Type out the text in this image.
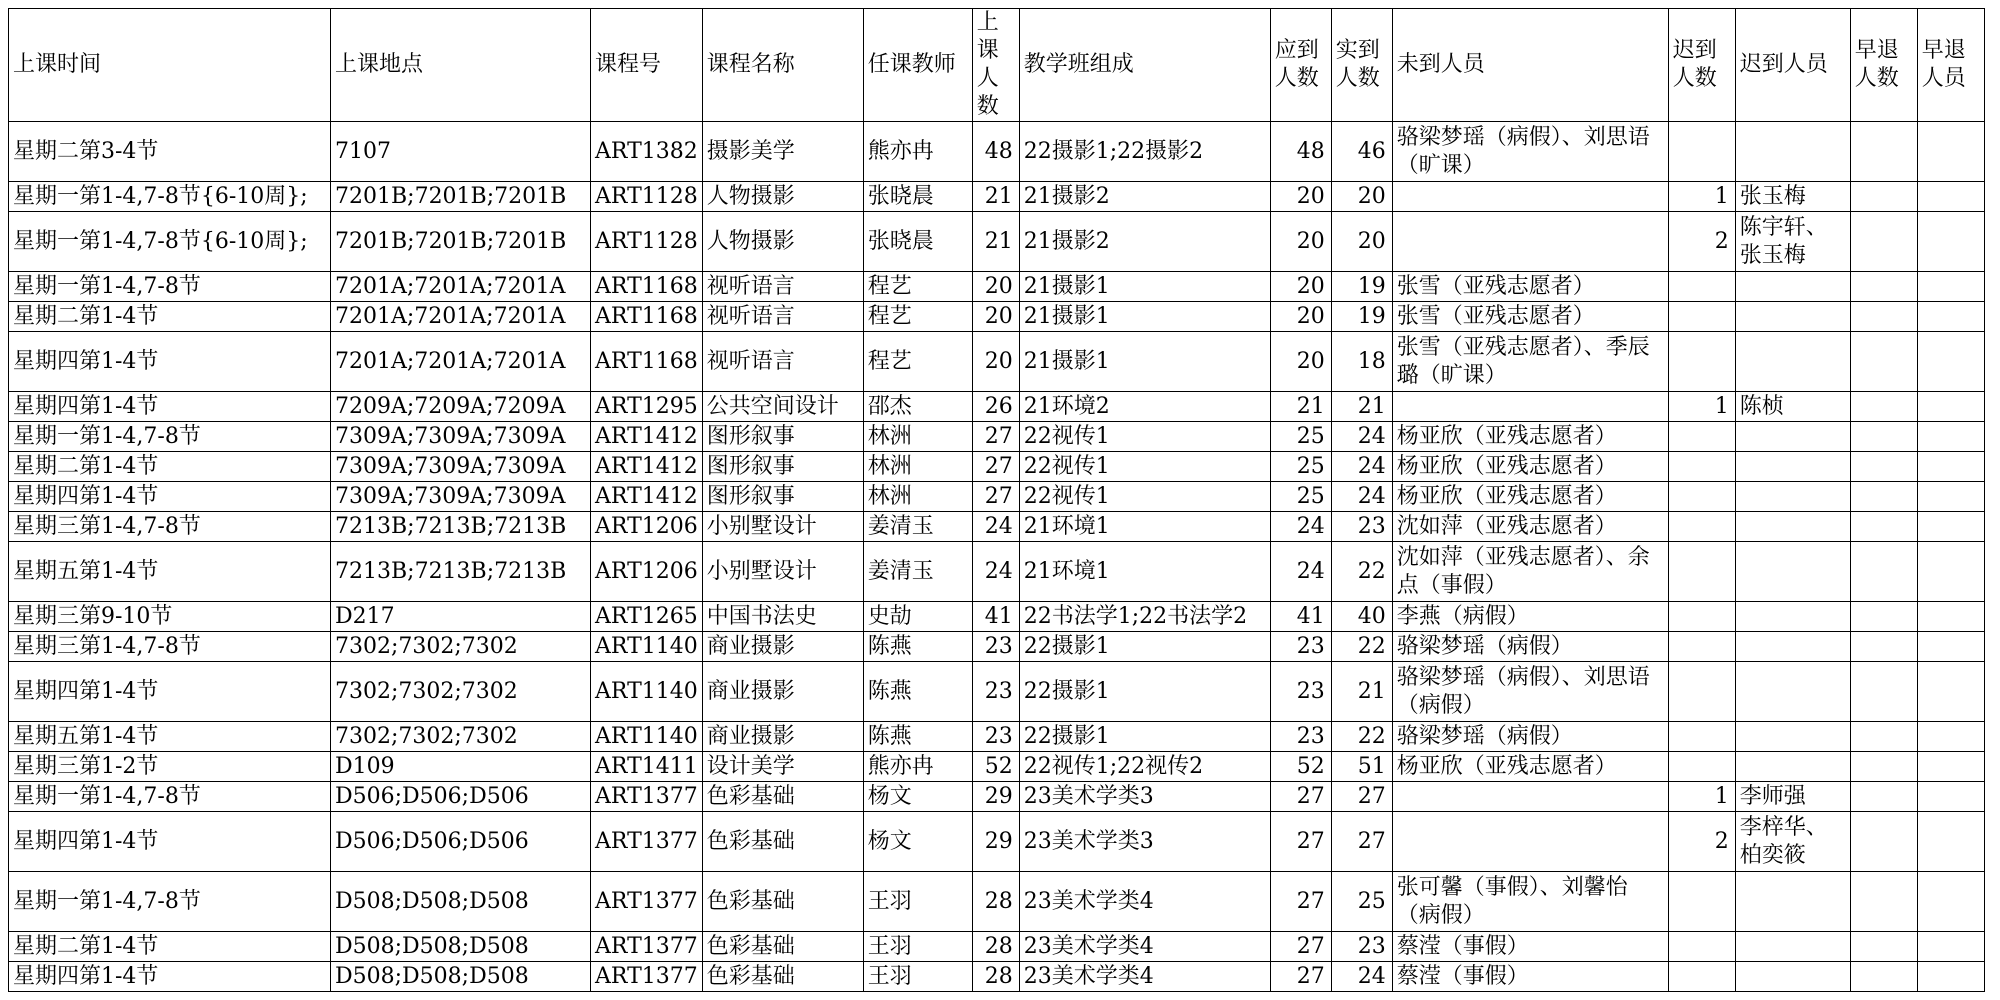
上课时间	上课地点	课程号	课程名称	任课教师	上课人数	教学班组成	应到人数	实到人数	未到人员	迟到人数	迟到人员	早退人数	早退人员
星期二第3-4节	7107	ART1382	摄影美学	熊亦冉	48	22摄影1;22摄影2	48	46	骆梁梦瑶（病假）、刘思语（旷课）				
星期一第1-4,7-8节{6-10周};	7201B;7201B;7201B	ART1128	人物摄影	张晓晨	21	21摄影2	20	20		1	张玉梅		
星期一第1-4,7-8节{6-10周};	7201B;7201B;7201B	ART1128	人物摄影	张晓晨	21	21摄影2	20	20		2	陈宇轩、张玉梅		
星期一第1-4,7-8节	7201A;7201A;7201A	ART1168	视听语言	程艺	20	21摄影1	20	19	张雪（亚残志愿者）				
星期二第1-4节	7201A;7201A;7201A	ART1168	视听语言	程艺	20	21摄影1	20	19	张雪（亚残志愿者）				
星期四第1-4节	7201A;7201A;7201A	ART1168	视听语言	程艺	20	21摄影1	20	18	张雪（亚残志愿者）、季辰璐（旷课）				
星期四第1-4节	7209A;7209A;7209A	ART1295	公共空间设计	邵杰	26	21环境2	21	21		1	陈桢		
星期一第1-4,7-8节	7309A;7309A;7309A	ART1412	图形叙事	林洲	27	22视传1	25	24	杨亚欣（亚残志愿者）				
星期二第1-4节	7309A;7309A;7309A	ART1412	图形叙事	林洲	27	22视传1	25	24	杨亚欣（亚残志愿者）				
星期四第1-4节	7309A;7309A;7309A	ART1412	图形叙事	林洲	27	22视传1	25	24	杨亚欣（亚残志愿者）				
星期三第1-4,7-8节	7213B;7213B;7213B	ART1206	小别墅设计	姜清玉	24	21环境1	24	23	沈如萍（亚残志愿者）				
星期五第1-4节	7213B;7213B;7213B	ART1206	小别墅设计	姜清玉	24	21环境1	24	22	沈如萍（亚残志愿者）、余点（事假）				
星期三第9-10节	D217	ART1265	中国书法史	史劼	41	22书法学1;22书法学2	41	40	李燕（病假）				
星期三第1-4,7-8节	7302;7302;7302	ART1140	商业摄影	陈燕	23	22摄影1	23	22	骆梁梦瑶（病假）				
星期四第1-4节	7302;7302;7302	ART1140	商业摄影	陈燕	23	22摄影1	23	21	骆梁梦瑶（病假）、刘思语（病假）				
星期五第1-4节	7302;7302;7302	ART1140	商业摄影	陈燕	23	22摄影1	23	22	骆梁梦瑶（病假）				
星期三第1-2节	D109	ART1411	设计美学	熊亦冉	52	22视传1;22视传2	52	51	杨亚欣（亚残志愿者）				
星期一第1-4,7-8节	D506;D506;D506	ART1377	色彩基础	杨文	29	23美术学类3	27	27		1	李师强		
星期四第1-4节	D506;D506;D506	ART1377	色彩基础	杨文	29	23美术学类3	27	27		2	李梓华、柏奕筱		
星期一第1-4,7-8节	D508;D508;D508	ART1377	色彩基础	王羽	28	23美术学类4	27	25	张可馨（事假）、刘馨怡（病假）				
星期二第1-4节	D508;D508;D508	ART1377	色彩基础	王羽	28	23美术学类4	27	23	蔡滢（事假）				
星期四第1-4节	D508;D508;D508	ART1377	色彩基础	王羽	28	23美术学类4	27	24	蔡滢（事假）				
